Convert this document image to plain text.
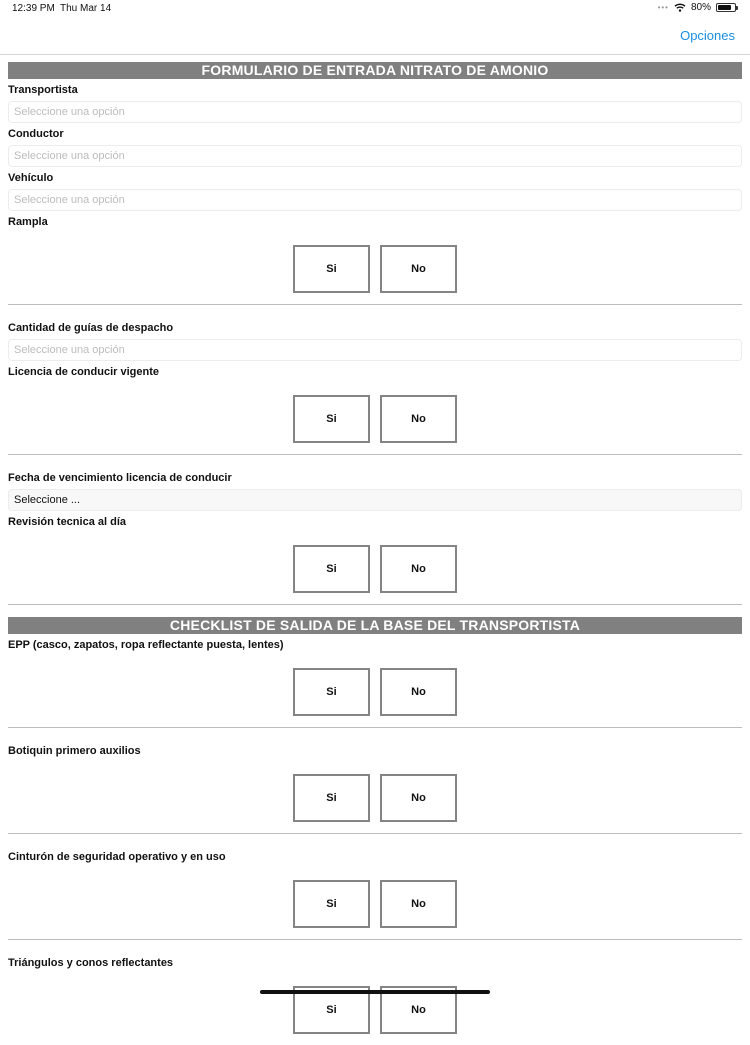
12:39 PM Thu Mar 14	••• 80%
Opciones
FORMULARIO DE ENTRADA NITRATO DE AMONIO
Transportista
Seleccione una opción
Conductor
Seleccione una opción
Vehículo
Seleccione una opción
Rampla
Si	No
Cantidad de guías de despacho
Seleccione una opción
Licencia de conducir vigente
Si	No
Fecha de vencimiento licencia de conducir
Seleccione ...
Revisión tecnica al día
Si	No
CHECKLIST DE SALIDA DE LA BASE DEL TRANSPORTISTA
EPP (casco, zapatos, ropa reflectante puesta, lentes)
Si	No
Botiquin primero auxilios
Si	No
Cinturón de seguridad operativo y en uso
Si	No
Triángulos y conos reflectantes
Si	No
